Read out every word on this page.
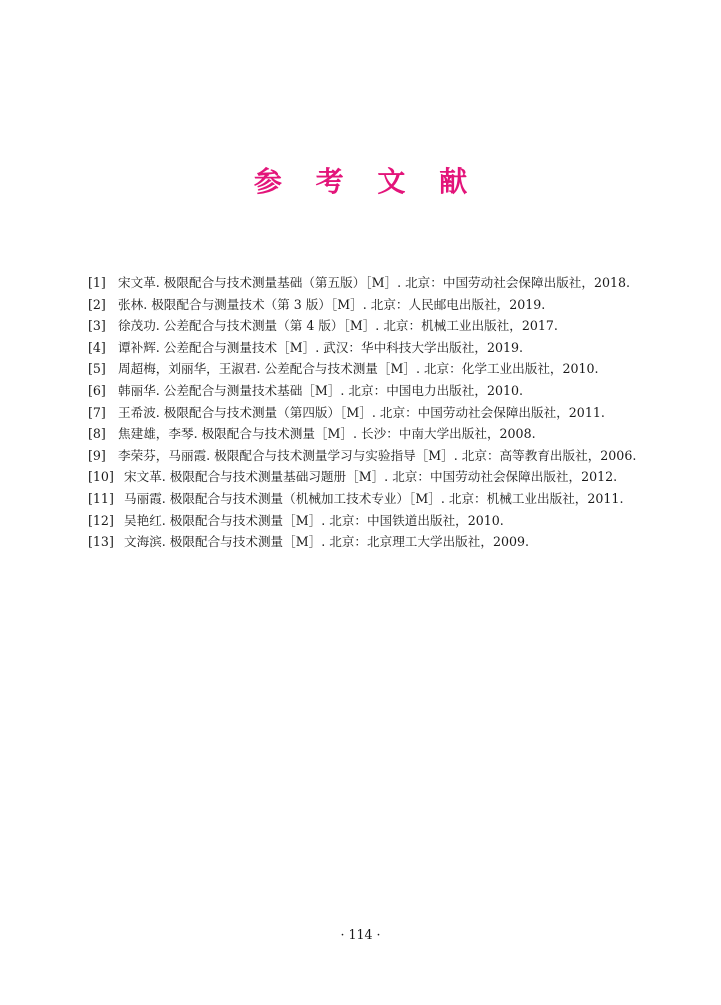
参 考 文 献
[1] 宋文革. 极限配合与技术测量基础（第五版）［M］. 北京：中国劳动社会保障出版社，2018.
[2] 张林. 极限配合与测量技术（第 3 版）［M］. 北京：人民邮电出版社，2019.
[3] 徐茂功. 公差配合与技术测量（第 4 版）［M］. 北京：机械工业出版社，2017.
[4] 谭补辉. 公差配合与测量技术［M］. 武汉：华中科技大学出版社，2019.
[5] 周超梅，刘丽华，王淑君. 公差配合与技术测量［M］. 北京：化学工业出版社，2010.
[6] 韩丽华. 公差配合与测量技术基础［M］. 北京：中国电力出版社，2010.
[7] 王希波. 极限配合与技术测量（第四版）［M］. 北京：中国劳动社会保障出版社，2011.
[8] 焦建雄，李琴. 极限配合与技术测量［M］. 长沙：中南大学出版社，2008.
[9] 李荣芬，马丽霞. 极限配合与技术测量学习与实验指导［M］. 北京：高等教育出版社，2006.
[10] 宋文革. 极限配合与技术测量基础习题册［M］. 北京：中国劳动社会保障出版社，2012.
[11] 马丽霞. 极限配合与技术测量（机械加工技术专业）［M］. 北京：机械工业出版社，2011.
[12] 吴艳红. 极限配合与技术测量［M］. 北京：中国铁道出版社，2010.
[13] 文海滨. 极限配合与技术测量［M］. 北京：北京理工大学出版社，2009.
· 114 ·
